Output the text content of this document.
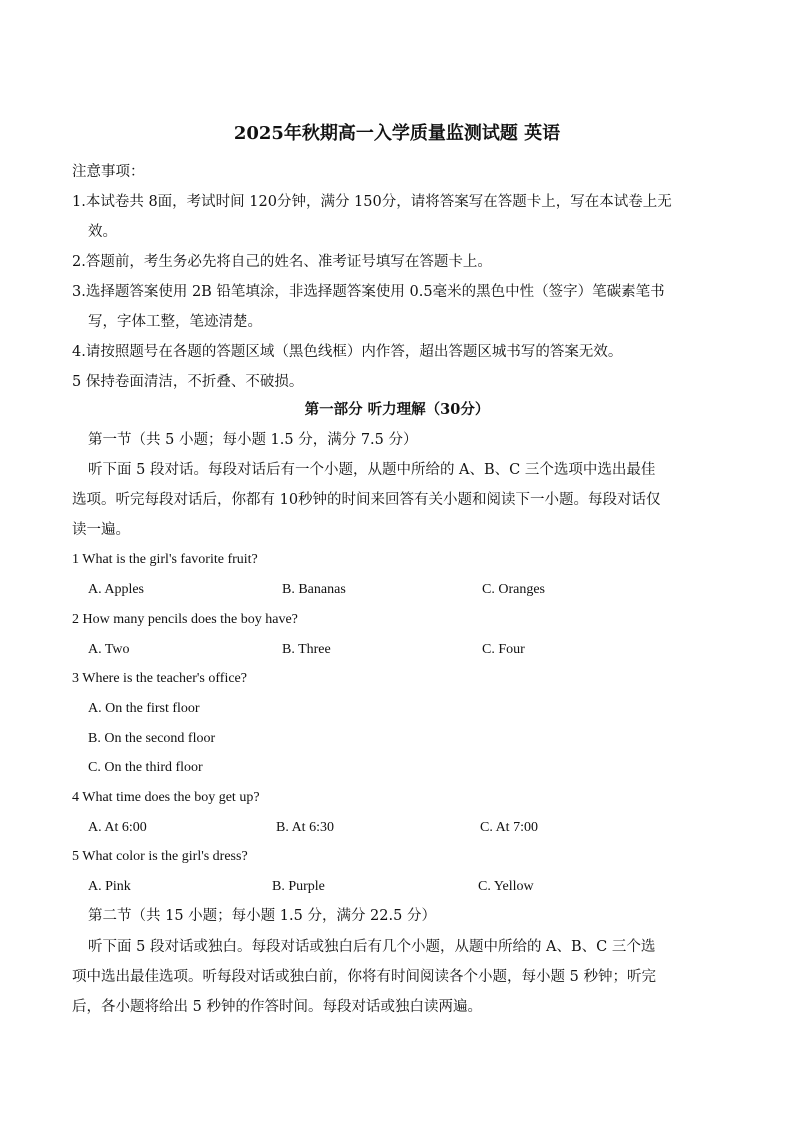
2025年秋期高一入学质量监测试题 英语
注意事项：
1.本试卷共 8面，考试时间 120分钟，满分 150分，请将答案写在答题卡上，写在本试卷上无
效。
2.答题前，考生务必先将自己的姓名、准考证号填写在答题卡上。
3.选择题答案使用 2B 铅笔填涂，非选择题答案使用 0.5毫米的黑色中性（签字）笔碳素笔书
写，字体工整，笔迹清楚。
4.请按照题号在各题的答题区域（黑色线框）内作答，超出答题区城书写的答案无效。
5 保持卷面清洁，不折叠、不破损。
第一部分 听力理解（30分）
第一节（共 5 小题；每小题 1.5 分，满分 7.5 分）
听下面 5 段对话。每段对话后有一个小题，从题中所给的 A、B、C 三个选项中选出最佳
选项。听完每段对话后，你都有 10秒钟的时间来回答有关小题和阅读下一小题。每段对话仅
读一遍。
1 What is the girl's favorite fruit?
A. Apples	B. Bananas	C. Oranges
2 How many pencils does the boy have?
A. Two	B. Three	C. Four
3 Where is the teacher's office?
A. On the first floor
B. On the second floor
C. On the third floor
4 What time does the boy get up?
A. At 6:00	B. At 6:30	C. At 7:00
5 What color is the girl's dress?
A. Pink	B. Purple	C. Yellow
第二节（共 15 小题；每小题 1.5 分，满分 22.5 分）
听下面 5 段对话或独白。每段对话或独白后有几个小题，从题中所给的 A、B、C 三个选
项中选出最佳选项。听每段对话或独白前，你将有时间阅读各个小题，每小题 5 秒钟；听完
后，各小题将给出 5 秒钟的作答时间。每段对话或独白读两遍。
